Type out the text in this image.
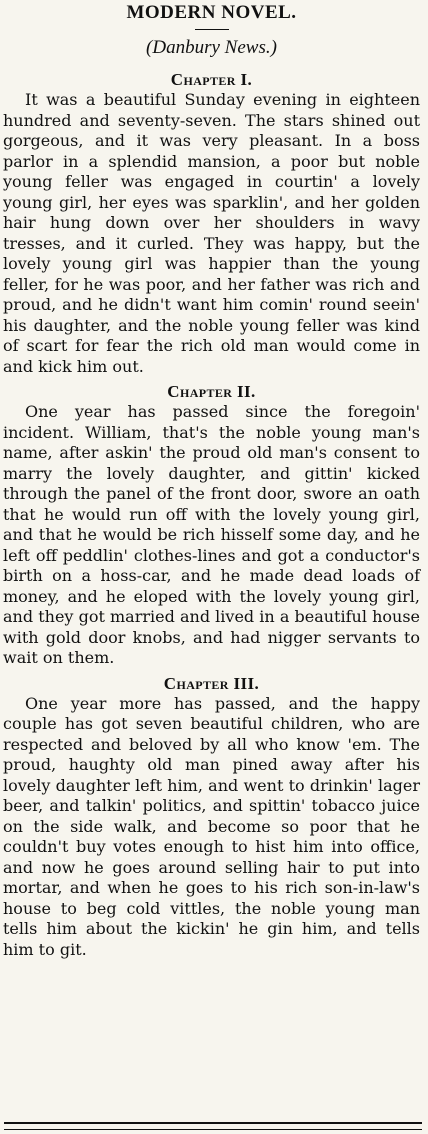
MODERN NOVEL.

(Danbury News.)

Chapter I.

It was a beautiful Sunday evening in eighteen hundred and seventy-seven. The stars shined out gorgeous, and it was very pleasant. In a boss parlor in a splendid mansion, a poor but noble young feller was engaged in courtin' a lovely young girl, her eyes was sparklin', and her golden hair hung down over her shoulders in wavy tresses, and it curled. They was happy, but the lovely young girl was happier than the young feller, for he was poor, and her father was rich and proud, and he didn't want him comin' round seein' his daughter, and the noble young feller was kind of scart for fear the rich old man would come in and kick him out.

Chapter II.

One year has passed since the foregoin' incident. William, that's the noble young man's name, after askin' the proud old man's consent to marry the lovely daughter, and gittin' kicked through the panel of the front door, swore an oath that he would run off with the lovely young girl, and that he would be rich hisself some day, and he left off peddlin' clothes-lines and got a conductor's birth on a hoss-car, and he made dead loads of money, and he eloped with the lovely young girl, and they got married and lived in a beautiful house with gold door knobs, and had nigger servants to wait on them.

Chapter III.

One year more has passed, and the happy couple has got seven beautiful children, who are respected and beloved by all who know 'em. The proud, haughty old man pined away after his lovely daughter left him, and went to drinkin' lager beer, and talkin' politics, and spittin' tobacco juice on the side walk, and become so poor that he couldn't buy votes enough to hist him into office, and now he goes around selling hair to put into mortar, and when he goes to his rich son-in-law's house to beg cold vittles, the noble young man tells him about the kickin' he gin him, and tells him to git.
